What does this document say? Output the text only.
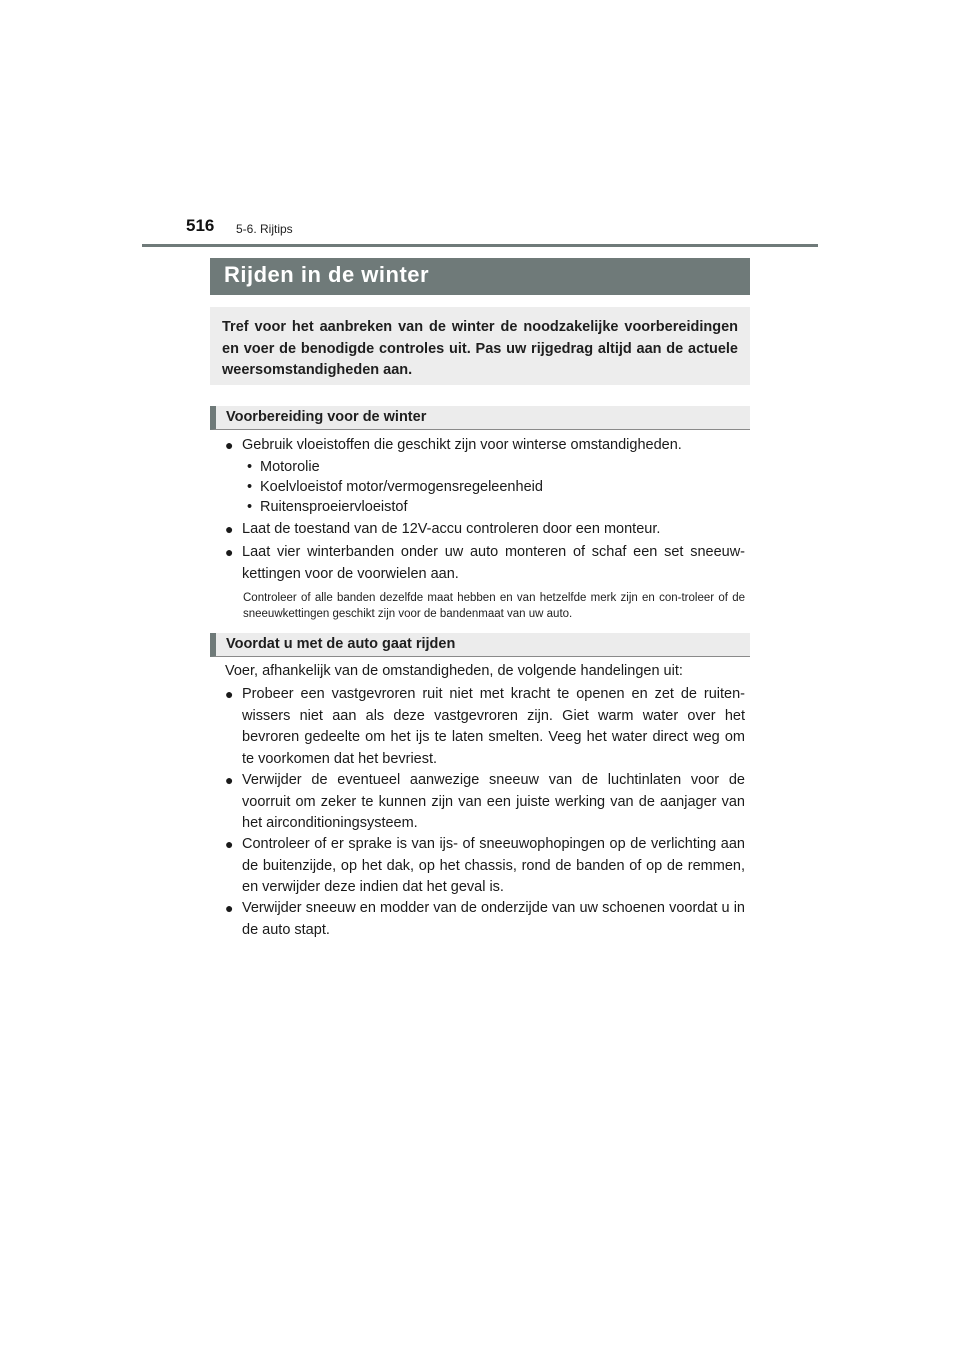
516 5-6. Rijtips
Rijden in de winter
Tref voor het aanbreken van de winter de noodzakelijke voorbereidingen en voer de benodigde controles uit. Pas uw rijgedrag altijd aan de actuele weersomstandigheden aan.
Voorbereiding voor de winter
● Gebruik vloeistoffen die geschikt zijn voor winterse omstandigheden.
• Motorolie
• Koelvloeistof motor/vermogensregeleenheid
• Ruitensproeiervloeistof
● Laat de toestand van de 12V-accu controleren door een monteur.
● Laat vier winterbanden onder uw auto monteren of schaf een set sneeuw-kettingen voor de voorwielen aan.
Controleer of alle banden dezelfde maat hebben en van hetzelfde merk zijn en con-troleer of de sneeuwkettingen geschikt zijn voor de bandenmaat van uw auto.
Voordat u met de auto gaat rijden
Voer, afhankelijk van de omstandigheden, de volgende handelingen uit:
● Probeer een vastgevroren ruit niet met kracht te openen en zet de ruiten-wissers niet aan als deze vastgevroren zijn. Giet warm water over het bevroren gedeelte om het ijs te laten smelten. Veeg het water direct weg om te voorkomen dat het bevriest.
● Verwijder de eventueel aanwezige sneeuw van de luchtinlaten voor de voorruit om zeker te kunnen zijn van een juiste werking van de aanjager van het airconditioningsysteem.
● Controleer of er sprake is van ijs- of sneeuwophopingen op de verlichting aan de buitenzijde, op het dak, op het chassis, rond de banden of op de remmen, en verwijder deze indien dat het geval is.
● Verwijder sneeuw en modder van de onderzijde van uw schoenen voordat u in de auto stapt.
